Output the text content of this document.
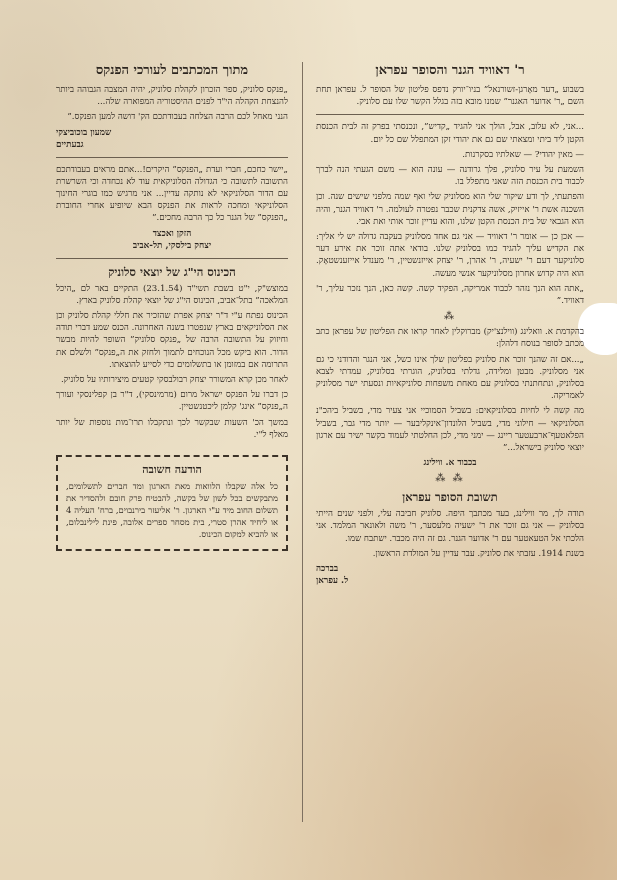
ר' דאוויד הגנר והסופר עפראן
בשבוע „דער מאָרגן-זשורנאל” בניו־יורק נדפס פליטון של הסופר ל. עפראן תחת השם „ר' אדוער האגנר” שמנו מובא בזה בגלל הקשר שלו עם סלוניק.

...אני, לא עלוב, אבל, הולך אני להגיד „קדיש”, ונכנסתי בפרק זה לבית הכנסת הקטן ליד ביתי ומצאתי שם גם את יהודי זקן המתפלל שם כל יום.

— מאין יהודי? — שאלתיו בסקרנות.

השמעת על עיר סלוניק, פלך גרודנה — עונה הוא — משם הגעתי הנה לברך לכבוד בית הכנסת הזה שאני מתפלל בו.

והפתעתי, לך ודע שיקור שלי הוא מסלוניק שלי ואף שמה מלפני שישים שנה. וכן השכנה אשת ר' אייזיק, אשה צדקנית שכבר נפטרה לעולמה. ר' דאוויד הגנר, והיה הוא הגבאי של בית הכנסת הקטן שלנו, והוא עדיין זוכר אותי ואת אבי.

— אכן כן — אומר ר' דאוויד — אני גם אחד מסלוניק בעקבה גדולה יש לי אליך: את הקדיש עליך להגיד כמו בסלוניק שלנו. בודאי אתה זוכר את אירע דער סלוניקער דעם ר' ישעיה, ר' אהרן, ר' יצחק אייזנשטיין, ר' מענדל אייזענשטאָק. הוא היה קדוש אחרון מסלוניקער אנשי מעשה.

„אתה הוא הנך נזהר לכבוד אמריקה, הפקיד קשה. קשה כאן, הנך נזכר עליך, ר' דאוויד.”

⁂

בהקדמת א. וואלינג (ווילנצ'יק) מברוקלין לאחר קראו את הפליטון של עפראן כתב מכתב לסופר בנוסח דלהלן:

„...אם זה שהנך זוכר את סלוניק בפליטון שלך אינו כשל, אני הנגר והדודני כי גם אני מסלוניק. מבטן ומלידה, גדלתי בסלוניק, הוגרתי בסלוניק, עמדתי לצבא בסלוניק, ונתחתנתי בסלוניק עם מאחת משפחות סלוניקאיות ונסעתי ישר מסלוניק לאמריקה.

מה קשה לי לחיות בסלוניקאים: בשביל הסמוכיי אני צעיר מדי, בשביל ביהכ"נ הסלוניקאי — חילוני מדי, בשביל הלונדון־אינקליבער — יותר מדי גבר, בשביל הפלאטעף־ארבעטער ריינג — ימני מדי, לכן החלטתי לעמוד בקשר ישיר עם ארגון יוצאי סלוניק בישראל...”

בכבוד א. ווילינג
⁂ ⁂
תשובת הסופר עפראן

תודה לך, מר ווילינג, בעד מכתבך היפה. סלוניק חביבה עלי, ולפני שנים הייתי בסלוניק — אני גם זוכר את ר' ישעיה מלעסער, ר' משה ולאונאר המלמד. אני הלכתי אל הטעאטער עם ר' אדוער הגנר. גם זה היה מכבר. ישתבח שמו.

בשנת 1914. עזבתי את סלוניק. עבר עדיין על המולדת הראשון.

בברכה
ל. עפראן
מתוך המכתבים לעורכי הפנקס

„פנקס סלוניק, ספר הזכרון לקהלת סלוניק, יהיה המצבה הגבוהה ביותר להנצחת הקהלה הי"ד לפנים ההיסטוריה המפוארה שלה...

הנני מאחל לכם הרבה הצלחה בעבודתכם הק' דושה למען הפנקס.”

שמעון בוכוביצקי
גבעתיים

„יישר כחכם, חברי ועדת „הפנקס” היקרים!...אתם מראים בעבודתכם התשובה לתשובה כי הגדולה הסלוניקאית עוד לא נכחדה וכי השרשרת עם הדור הסלוניקאי לא נותקה עדיין... אני מרגיש כמו בוגרי החינוך הסלוניקאי ומחכה לראות את הפנקס הבא שיופיע אחרי החוברת „הפנקס” של הגנר כל כך הרבה מחכים.”

הזקן ואכצד
יצחק בילסקי, תל-אביב
הכינוס הי"ג של יוצאי סלוניק

במוצש"ק, י"ט בשבת תשי"ד (23.1.54) התקיים באר לם „היכל המלאכה” בתל־אביב, הכינוס הי"ג של יוצאי קהלת סלוניק בארץ.

הכינוס נפתח ע"י ד"ר יצחק אפרת שהזכיר את חללי קהלת סלוניק וכן את הסלוניקאים בארץ שנפטרו בשנה האחרונה. הכנס שמע דברי תודה וחיזוק על התשובה הרבה של „פנקס סלוניק” השופר להיות מבשר הדור. הוא ביקש מכל הנוכחים לתמוך ולחזק את ה„פנקס” ולשלם את התרומה אם במזומן או בתשלומים כדי לסייע להוצאתו.

לאחר מכן קרא המשורר יצחק רבולבסקי קטעים מיצירותיו על סלוניק.

כן דברו על הפנקס ישראל מרום (מרמינסקי), ד"ר בן קפלינסקי ועורך ה„פנקס” אינג' קלמן ליכטנשטיין.

במשך הכ' השעות שבקשר לכך ונתקבלו תרו־מות נוספות של יותר מאלף ל"י.

הודעה חשובה

כל אלה שקבלו הלוואות מאת הארגון ומד חברים לתשלומים, מתבקשים בכל לשון של בקשה, להבטיח פרק חובם ולהסדיר את תשלום החוב מיד ע"י הארגון. ר' אליעזר בירנבוים, ברח' העליה 4 או ליחיד אהרן סטרי, בית מסחר ספרים אלובה, פינת לילינבלום, או להביא למקום הכינוס.
